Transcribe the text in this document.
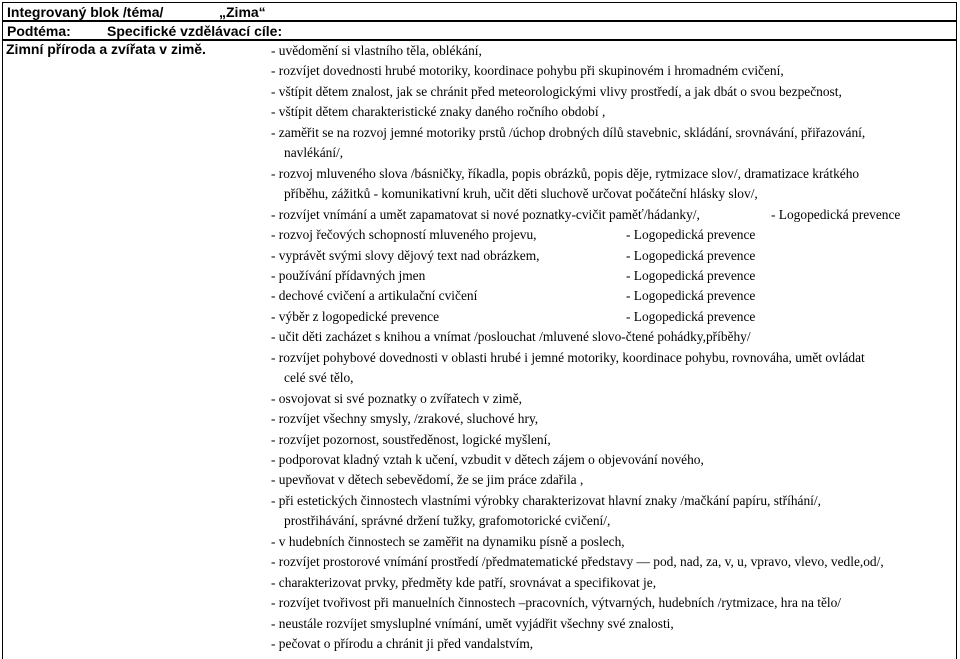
Integrovaný blok /téma/	„Zima“
Podtéma:	Specifické vzdělávací cíle:
Zimní příroda a zvířata v zimě.	- uvědomění si vlastního těla, oblékání,
- rozvíjet dovednosti hrubé motoriky, koordinace pohybu při skupinovém i hromadném cvičení,
- vštípit dětem znalost, jak se chránit před meteorologickými vlivy prostředí, a jak dbát o svou bezpečnost,
- vštípit dětem charakteristické znaky daného ročního období ,
- zaměřit se na rozvoj jemné motoriky prstů /úchop drobných dílů stavebnic, skládání, srovnávání, přiřazování,
navlékání/,
- rozvoj mluveného slova /básničky, říkadla, popis obrázků, popis děje, rytmizace slov/, dramatizace krátkého
příběhu, zážitků - komunikativní kruh, učit děti sluchově určovat počáteční hlásky slov/,
- rozvíjet vnímání a umět zapamatovat si nové poznatky-cvičit paměť/hádanky/,	- Logopedická prevence
- rozvoj řečových schopností mluveného projevu,	- Logopedická prevence
- vyprávět svými slovy dějový text nad obrázkem,	- Logopedická prevence
- používání přídavných jmen	- Logopedická prevence
- dechové cvičení a artikulační cvičení	- Logopedická prevence
- výběr z logopedické prevence	- Logopedická prevence
- učit děti zacházet s knihou a vnímat /poslouchat /mluvené slovo-čtené pohádky,příběhy/
- rozvíjet pohybové dovednosti v oblasti hrubé i jemné motoriky, koordinace pohybu, rovnováha, umět ovládat
celé své tělo,
- osvojovat si své poznatky o zvířatech v zimě,
- rozvíjet všechny smysly, /zrakové, sluchové hry,
- rozvíjet pozornost, soustředěnost, logické myšlení,
- podporovat kladný vztah k učení, vzbudit v dětech zájem o objevování nového,
- upevňovat v dětech sebevědomí, že se jim práce zdařila ,
- při estetických činnostech vlastními výrobky charakterizovat hlavní znaky /mačkání papíru, stříhání/,
prostřihávání, správné držení tužky, grafomotorické cvičení/,
- v hudebních činnostech se zaměřit na dynamiku písně a poslech,
- rozvíjet prostorové vnímání prostředí /předmatematické představy — pod, nad, za, v, u, vpravo, vlevo, vedle,od/,
- charakterizovat prvky, předměty kde patří, srovnávat a specifikovat je,
- rozvíjet tvořivost při manuelních činnostech –pracovních, výtvarných, hudebních /rytmizace, hra na tělo/
- neustále rozvíjet smysluplné vnímání, umět vyjádřit všechny své znalosti,
- pečovat o přírodu a chránit ji před vandalstvím,
